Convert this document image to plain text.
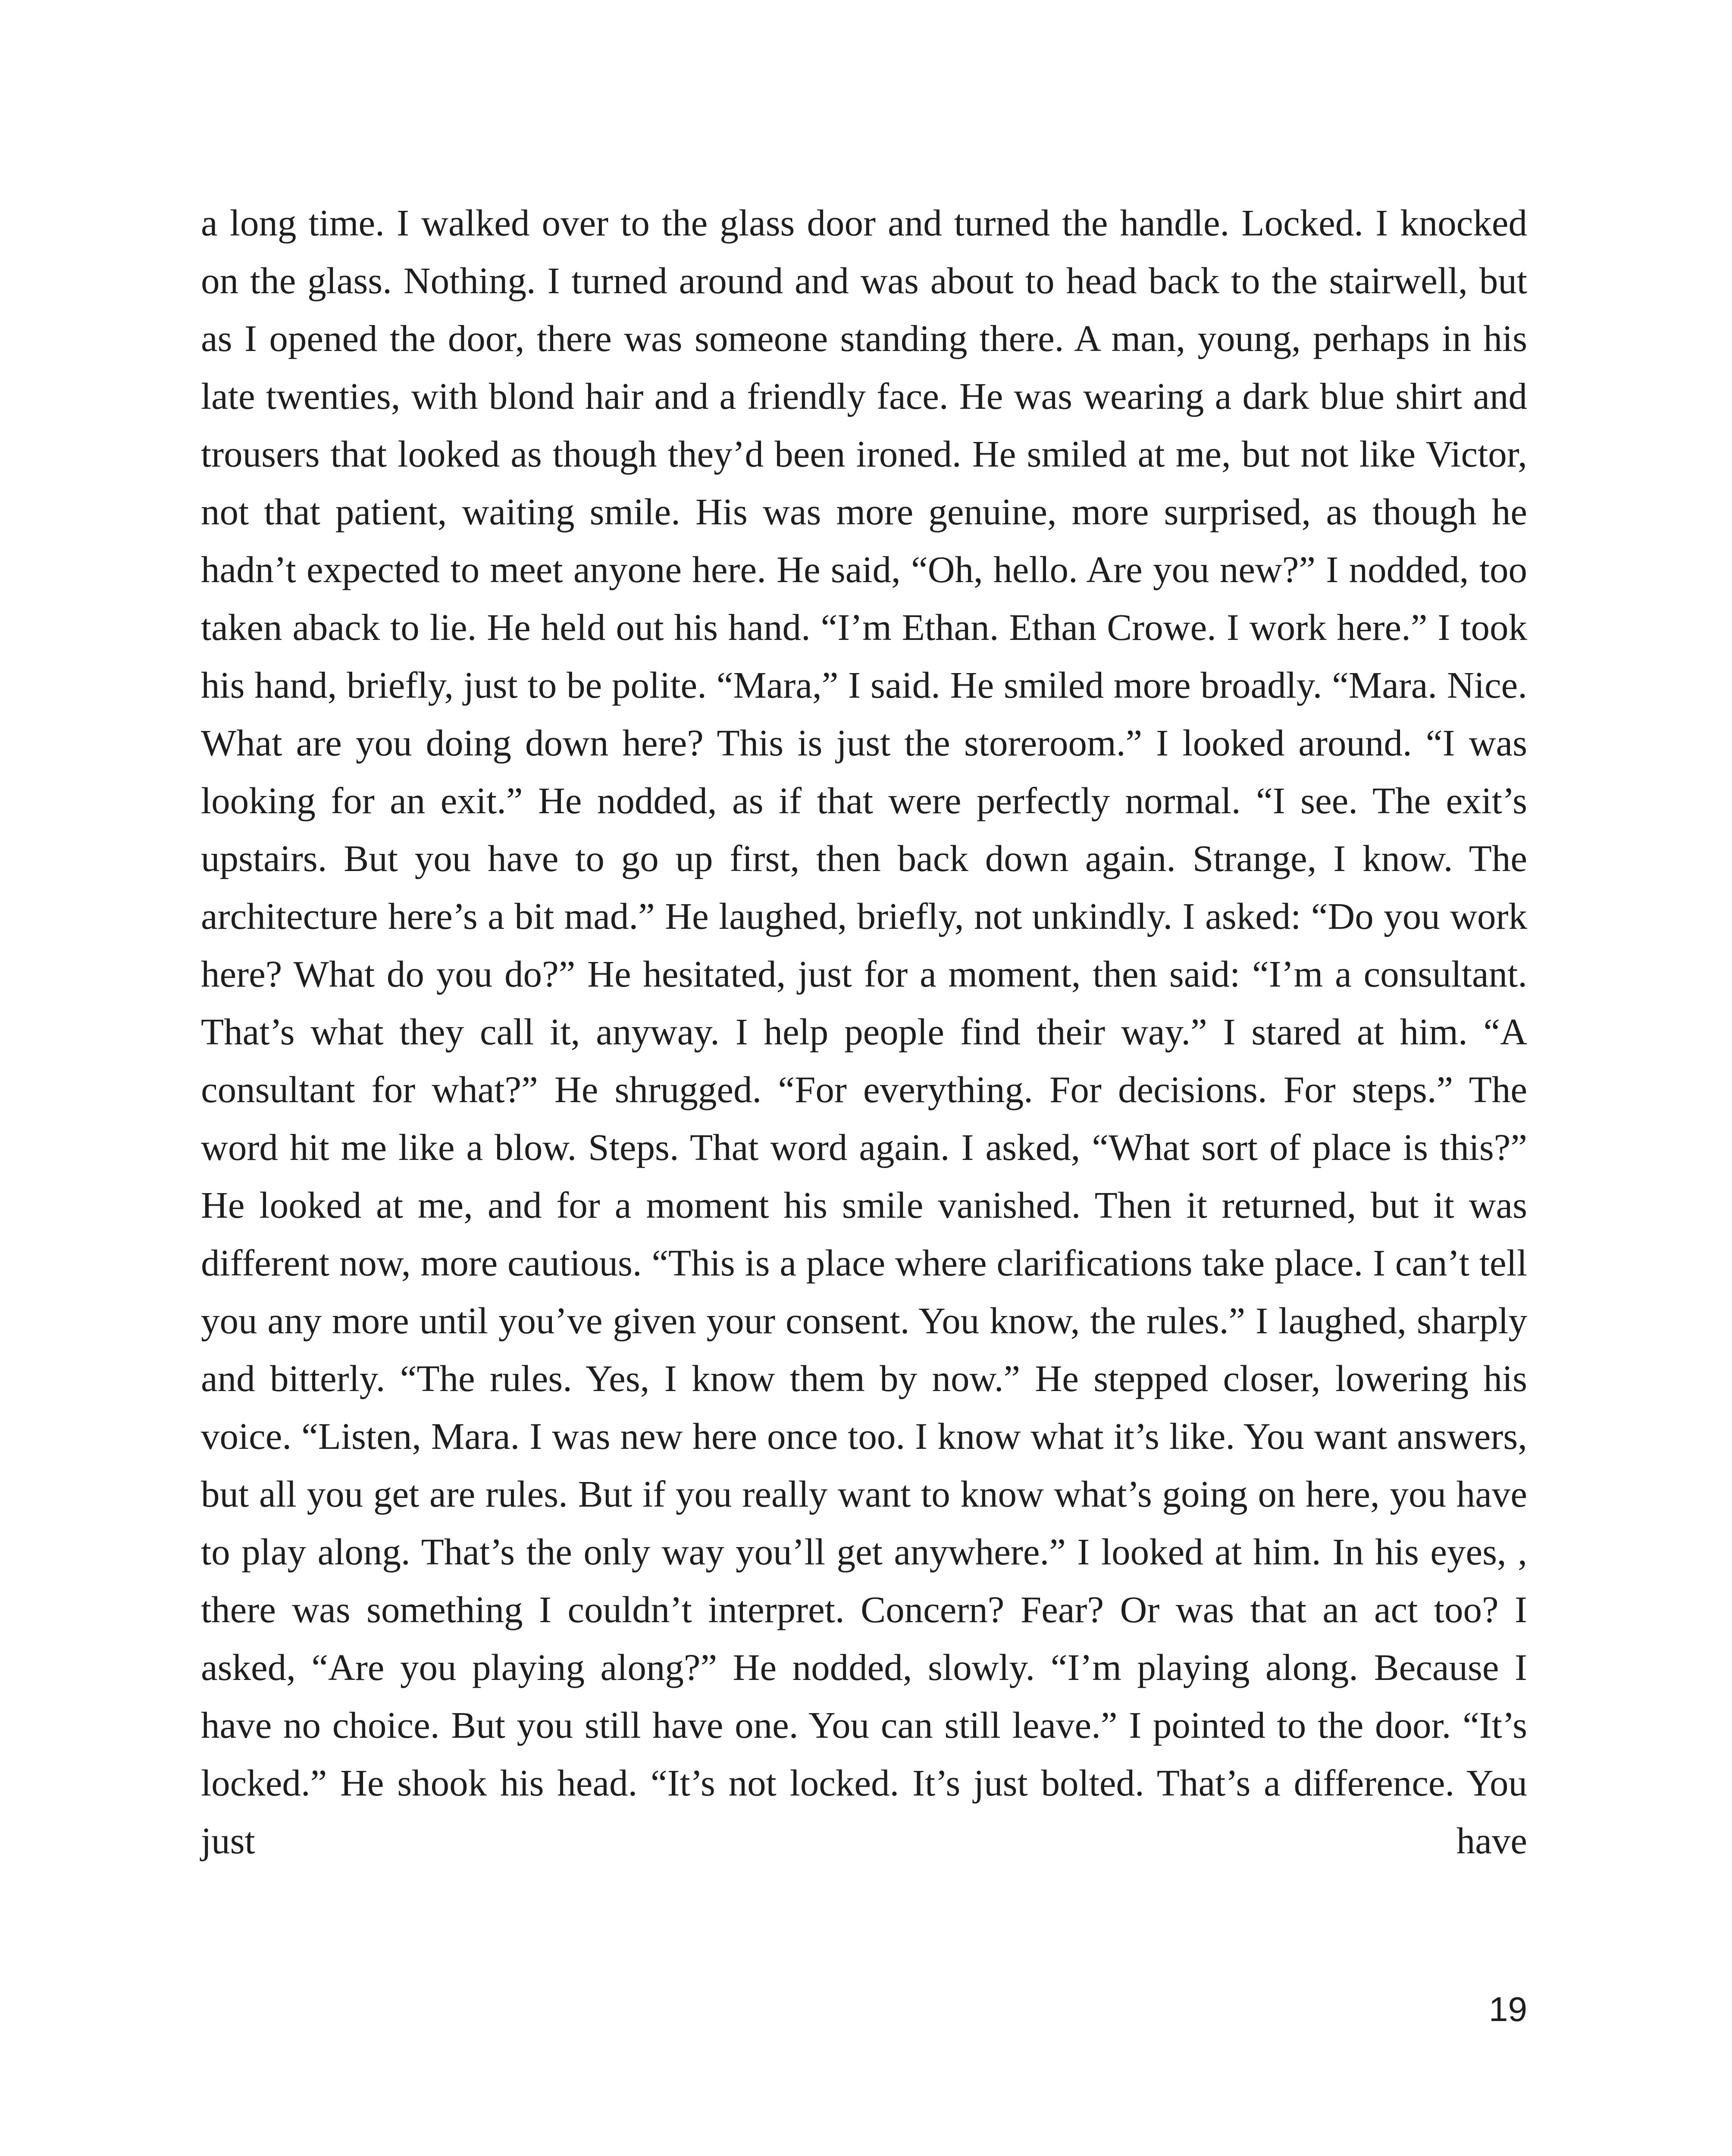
a long time. I walked over to the glass door and turned the handle. Locked. I knocked on the glass. Nothing. I turned around and was about to head back to the stairwell, but as I opened the door, there was someone standing there. A man, young, perhaps in his late twenties, with blond hair and a friendly face. He was wearing a dark blue shirt and trousers that looked as though they’d been ironed. He smiled at me, but not like Victor, not that patient, waiting smile. His was more genuine, more surprised, as though he hadn’t expected to meet anyone here. He said, “Oh, hello. Are you new?” I nodded, too taken aback to lie. He held out his hand. “I’m Ethan. Ethan Crowe. I work here.” I took his hand, briefly, just to be polite. “Mara,” I said. He smiled more broadly. “Mara. Nice. What are you doing down here? This is just the storeroom.” I looked around. “I was looking for an exit.” He nodded, as if that were perfectly normal. “I see. The exit’s upstairs. But you have to go up first, then back down again. Strange, I know. The architecture here’s a bit mad.” He laughed, briefly, not unkindly. I asked: “Do you work here? What do you do?” He hesitated, just for a moment, then said: “I’m a consultant. That’s what they call it, anyway. I help people find their way.” I stared at him. “A consultant for what?” He shrugged. “For everything. For decisions. For steps.” The word hit me like a blow. Steps. That word again. I asked, “What sort of place is this?” He looked at me, and for a moment his smile vanished. Then it returned, but it was different now, more cautious. “This is a place where clarifications take place. I can’t tell you any more until you’ve given your consent. You know, the rules.” I laughed, sharply and bitterly. “The rules. Yes, I know them by now.” He stepped closer, lowering his voice. “Listen, Mara. I was new here once too. I know what it’s like. You want answers, but all you get are rules. But if you really want to know what’s going on here, you have to play along. That’s the only way you’ll get anywhere.” I looked at him. In his eyes, , there was something I couldn’t interpret. Concern? Fear? Or was that an act too? I asked, “Are you playing along?” He nodded, slowly. “I’m playing along. Because I have no choice. But you still have one. You can still leave.” I pointed to the door. “It’s locked.” He shook his head. “It’s not locked. It’s just bolted. That’s a difference. You just have

19
